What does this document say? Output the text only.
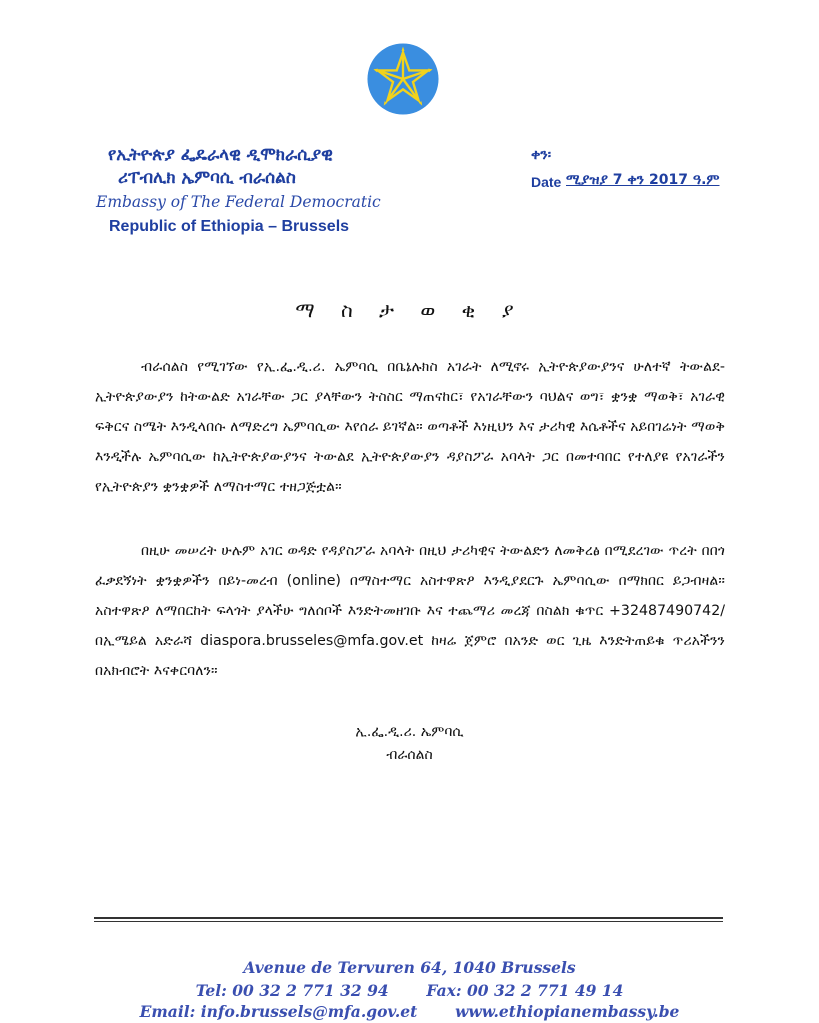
የኢትዮጵያ ፌዴራላዊ ዲሞክራሲያዊ
ሪፐብሊክ ኤምባሲ ብራሰልስ
Embassy of The Federal Democratic
Republic of Ethiopia – Brussels
ቀን፡
Date ሚያዝያ 7 ቀን 2017 ዓ.ም
ማ ስ ታ ወ ቂ ያ

ብራሰልስ የሚገኘው የኢ.ፌ.ዲ.ሪ. ኤምባሲ በቤኔሉክስ አገራት ለሚኖሩ ኢትዮጵያውያንና ሁለተኛ ትውልደ-ኢትዮጵያውያን ከትውልድ አገራቸው ጋር ያላቸውን ትስስር ማጠናከር፣ የአገራቸውን ባህልና ወግ፣ ቋንቋ ማወቅ፣ አገራዊ ፍቅርና ስሜት እንዲላበሱ ለማድረግ ኤምባሲው እየሰራ ይገኛል። ወጣቶች እነዚህን እና ታሪካዊ እሴቶችና አይበገሬነት ማወቅ እንዲችሉ ኤምባሲው ከኢትዮጵያውያንና ትውልደ ኢትዮጵያውያን ዳያስፖራ አባላት ጋር በመተባበር የተለያዩ የአገራችን የኢትዮጵያን ቋንቋዎች ለማስተማር ተዘጋጅቷል።

በዚሁ መሠረት ሁሉም አገር ወዳድ የዳያስፖራ አባላት በዚህ ታሪካዊና ትውልድን ለመቅረፅ በሚደረገው ጥረት በበጎ ፈቃደኝነት ቋንቋዎችን በይነ-መረብ (online) በማስተማር አስተዋጽዖ እንዲያደርጉ ኤምባሲው በማክበር ይጋብዛል። አስተዋጽዖ ለማበርከት ፍላጎት ያላችሁ ግለሰቦች እንድትመዘገቡ እና ተጨማሪ መረጃ በስልክ ቁጥር +32487490742/ በኢሜይል አድራሻ diaspora.brusseles@mfa.gov.et ከዛሬ ጀምሮ በአንድ ወር ጊዜ እንድትጠይቁ ጥሪአችንን በአክብሮት እናቀርባለን።

ኢ.ፌ.ዲ.ሪ. ኤምባሲ
ብራሰልስ
Avenue de Tervuren 64, 1040 Brussels
Tel: 00 32 2 771 32 94 Fax: 00 32 2 771 49 14
Email: info.brussels@mfa.gov.et www.ethiopianembassy.be
